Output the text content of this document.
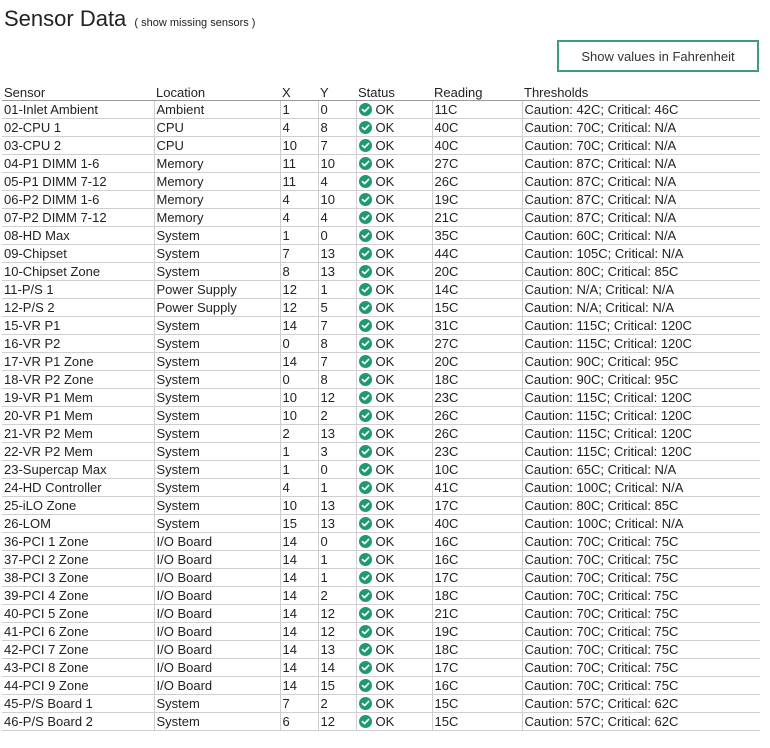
Sensor Data ( show missing sensors )
Show values in Fahrenheit
Sensor	Location	X	Y	Status	Reading	Thresholds
01-Inlet Ambient	Ambient	1	0	OK	11C	Caution: 42C; Critical: 46C
02-CPU 1	CPU	4	8	OK	40C	Caution: 70C; Critical: N/A
03-CPU 2	CPU	10	7	OK	40C	Caution: 70C; Critical: N/A
04-P1 DIMM 1-6	Memory	11	10	OK	27C	Caution: 87C; Critical: N/A
05-P1 DIMM 7-12	Memory	11	4	OK	26C	Caution: 87C; Critical: N/A
06-P2 DIMM 1-6	Memory	4	10	OK	19C	Caution: 87C; Critical: N/A
07-P2 DIMM 7-12	Memory	4	4	OK	21C	Caution: 87C; Critical: N/A
08-HD Max	System	1	0	OK	35C	Caution: 60C; Critical: N/A
09-Chipset	System	7	13	OK	44C	Caution: 105C; Critical: N/A
10-Chipset Zone	System	8	13	OK	20C	Caution: 80C; Critical: 85C
11-P/S 1	Power Supply	12	1	OK	14C	Caution: N/A; Critical: N/A
12-P/S 2	Power Supply	12	5	OK	15C	Caution: N/A; Critical: N/A
15-VR P1	System	14	7	OK	31C	Caution: 115C; Critical: 120C
16-VR P2	System	0	8	OK	27C	Caution: 115C; Critical: 120C
17-VR P1 Zone	System	14	7	OK	20C	Caution: 90C; Critical: 95C
18-VR P2 Zone	System	0	8	OK	18C	Caution: 90C; Critical: 95C
19-VR P1 Mem	System	10	12	OK	23C	Caution: 115C; Critical: 120C
20-VR P1 Mem	System	10	2	OK	26C	Caution: 115C; Critical: 120C
21-VR P2 Mem	System	2	13	OK	26C	Caution: 115C; Critical: 120C
22-VR P2 Mem	System	1	3	OK	23C	Caution: 115C; Critical: 120C
23-Supercap Max	System	1	0	OK	10C	Caution: 65C; Critical: N/A
24-HD Controller	System	4	1	OK	41C	Caution: 100C; Critical: N/A
25-iLO Zone	System	10	13	OK	17C	Caution: 80C; Critical: 85C
26-LOM	System	15	13	OK	40C	Caution: 100C; Critical: N/A
36-PCI 1 Zone	I/O Board	14	0	OK	16C	Caution: 70C; Critical: 75C
37-PCI 2 Zone	I/O Board	14	1	OK	16C	Caution: 70C; Critical: 75C
38-PCI 3 Zone	I/O Board	14	1	OK	17C	Caution: 70C; Critical: 75C
39-PCI 4 Zone	I/O Board	14	2	OK	18C	Caution: 70C; Critical: 75C
40-PCI 5 Zone	I/O Board	14	12	OK	21C	Caution: 70C; Critical: 75C
41-PCI 6 Zone	I/O Board	14	12	OK	19C	Caution: 70C; Critical: 75C
42-PCI 7 Zone	I/O Board	14	13	OK	18C	Caution: 70C; Critical: 75C
43-PCI 8 Zone	I/O Board	14	14	OK	17C	Caution: 70C; Critical: 75C
44-PCI 9 Zone	I/O Board	14	15	OK	16C	Caution: 70C; Critical: 75C
45-P/S Board 1	System	7	2	OK	15C	Caution: 57C; Critical: 62C
46-P/S Board 2	System	6	12	OK	15C	Caution: 57C; Critical: 62C
